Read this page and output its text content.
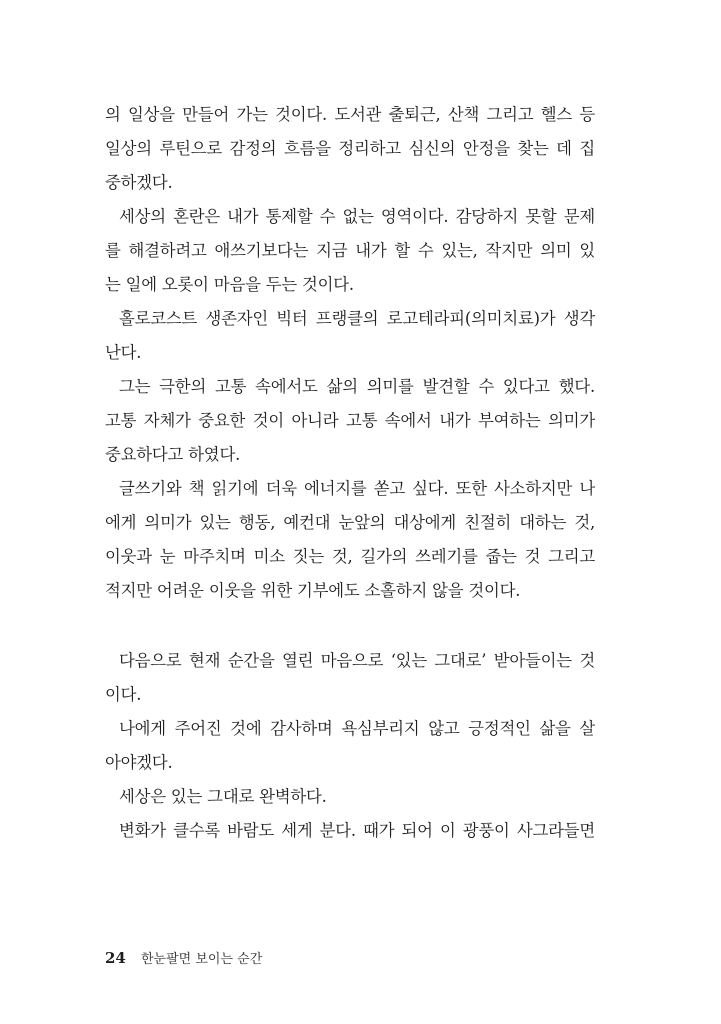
의 일상을 만들어 가는 것이다. 도서관 출퇴근, 산책 그리고 헬스 등
일상의 루틴으로 감정의 흐름을 정리하고 심신의 안정을 찾는 데 집
중하겠다.
세상의 혼란은 내가 통제할 수 없는 영역이다. 감당하지 못할 문제
를 해결하려고 애쓰기보다는 지금 내가 할 수 있는, 작지만 의미 있
는 일에 오롯이 마음을 두는 것이다.
홀로코스트 생존자인 빅터 프랭클의 로고테라피(의미치료)가 생각
난다.
그는 극한의 고통 속에서도 삶의 의미를 발견할 수 있다고 했다.
고통 자체가 중요한 것이 아니라 고통 속에서 내가 부여하는 의미가
중요하다고 하였다.
글쓰기와 책 읽기에 더욱 에너지를 쏟고 싶다. 또한 사소하지만 나
에게 의미가 있는 행동, 예컨대 눈앞의 대상에게 친절히 대하는 것,
이웃과 눈 마주치며 미소 짓는 것, 길가의 쓰레기를 줍는 것 그리고
적지만 어려운 이웃을 위한 기부에도 소홀하지 않을 것이다.
다음으로 현재 순간을 열린 마음으로 ‘있는 그대로’ 받아들이는 것
이다.
나에게 주어진 것에 감사하며 욕심부리지 않고 긍정적인 삶을 살
아야겠다.
세상은 있는 그대로 완벽하다.
변화가 클수록 바람도 세게 분다. 때가 되어 이 광풍이 사그라들면
24 한눈팔면 보이는 순간
